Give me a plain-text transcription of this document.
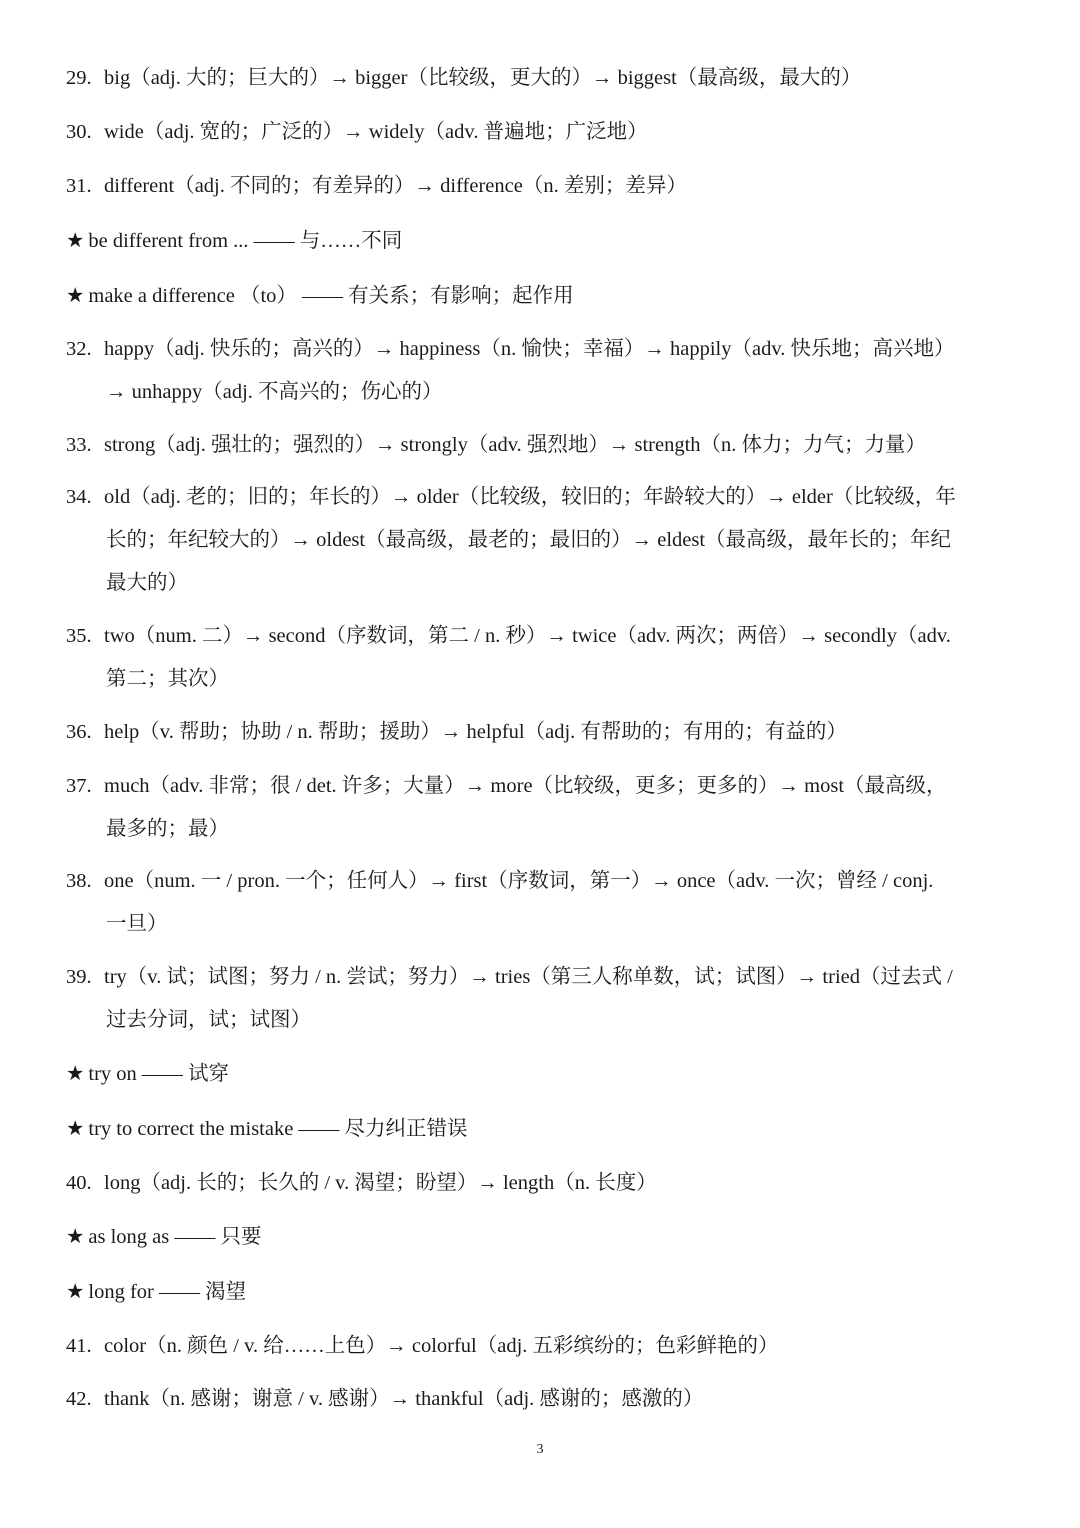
29. big（adj. 大的；巨大的）→ bigger（比较级，更大的）→ biggest（最高级，最大的）
30. wide（adj. 宽的；广泛的）→ widely（adv. 普遍地；广泛地）
31. different（adj. 不同的；有差异的）→ difference（n. 差别；差异）
★ be different from ... —— 与……不同
★ make a difference （to） —— 有关系；有影响；起作用
32. happy（adj. 快乐的；高兴的）→ happiness（n. 愉快；幸福）→ happily（adv. 快乐地；高兴地）
→ unhappy（adj. 不高兴的；伤心的）
33. strong（adj. 强壮的；强烈的）→ strongly（adv. 强烈地）→ strength（n. 体力；力气；力量）
34. old（adj. 老的；旧的；年长的）→ older（比较级，较旧的；年龄较大的）→ elder（比较级，年
长的；年纪较大的）→ oldest（最高级，最老的；最旧的）→ eldest（最高级，最年长的；年纪
最大的）
35. two（num. 二）→ second（序数词，第二 / n. 秒）→ twice（adv. 两次；两倍）→ secondly（adv.
第二；其次）
36. help（v. 帮助；协助 / n. 帮助；援助）→ helpful（adj. 有帮助的；有用的；有益的）
37. much（adv. 非常；很 / det. 许多；大量）→ more（比较级，更多；更多的）→ most（最高级，
最多的；最）
38. one（num. 一 / pron. 一个；任何人）→ first（序数词，第一）→ once（adv. 一次；曾经 / conj.
一旦）
39. try（v. 试；试图；努力 / n. 尝试；努力）→ tries（第三人称单数，试；试图）→ tried（过去式 /
过去分词，试；试图）
★ try on —— 试穿
★ try to correct the mistake —— 尽力纠正错误
40. long（adj. 长的；长久的 / v. 渴望；盼望）→ length（n. 长度）
★ as long as —— 只要
★ long for —— 渴望
41. color（n. 颜色 / v. 给……上色）→ colorful（adj. 五彩缤纷的；色彩鲜艳的）
42. thank（n. 感谢；谢意 / v. 感谢）→ thankful（adj. 感谢的；感激的）
3
